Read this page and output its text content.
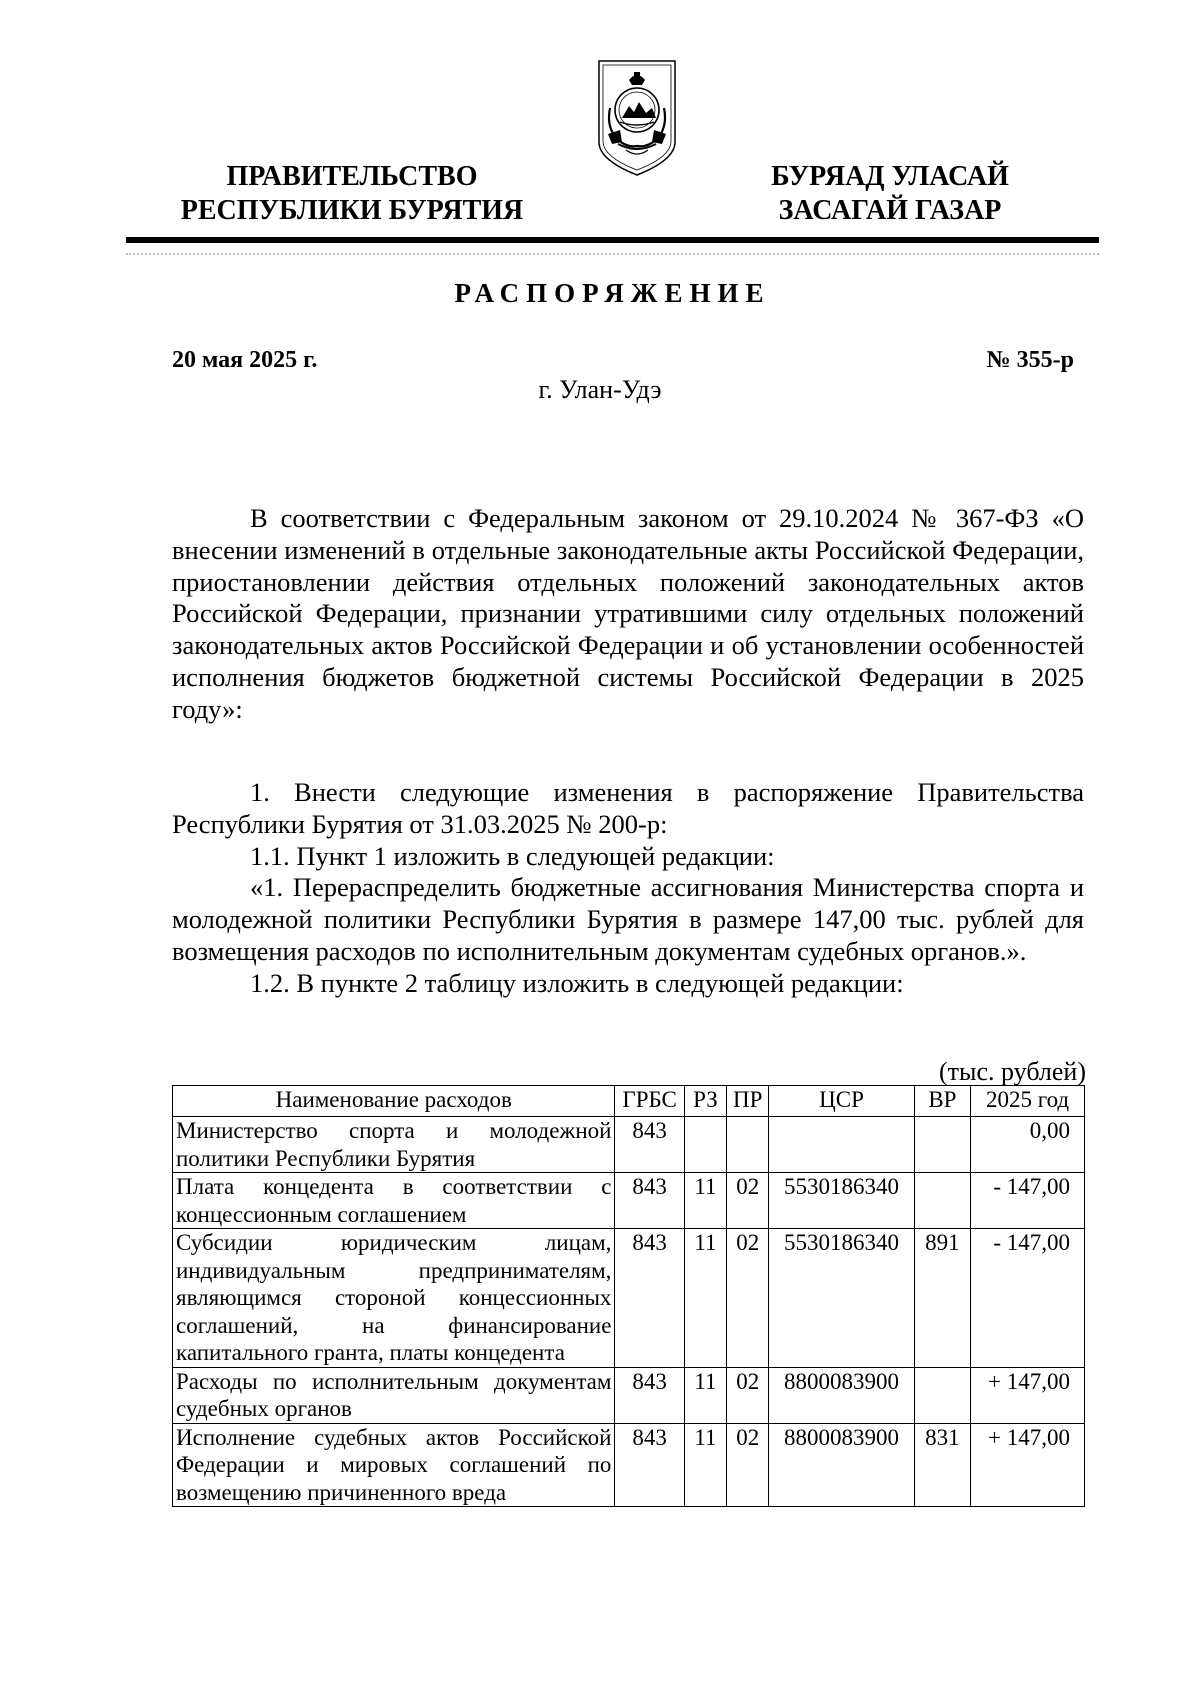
ПРАВИТЕЛЬСТВО
РЕСПУБЛИКИ БУРЯТИЯ
БУРЯАД УЛАСАЙ
ЗАСАГАЙ ГАЗАР
РАСПОРЯЖЕНИЕ
20 мая 2025 г.	№ 355-р
г. Улан-Удэ

В соответствии с Федеральным законом от 29.10.2024 № 367-ФЗ «О внесении изменений в отдельные законодательные акты Российской Федерации, приостановлении действия отдельных положений законодательных актов Российской Федерации, признании утратившими силу отдельных положений законодательных актов Российской Федерации и об установлении особенностей исполнения бюджетов бюджетной системы Российской Федерации в 2025 году»:

1. Внести следующие изменения в распоряжение Правительства Республики Бурятия от 31.03.2025 № 200-р:

1.1. Пункт 1 изложить в следующей редакции:

«1. Перераспределить бюджетные ассигнования Министерства спорта и молодежной политики Республики Бурятия в размере 147,00 тыс. рублей для возмещения расходов по исполнительным документам судебных органов.».

1.2. В пункте 2 таблицу изложить в следующей редакции:

(тыс. рублей)
Наименование расходов	ГРБС	РЗ	ПР	ЦСР	ВР	2025 год
Министерство спорта и молодежной политики Республики Бурятия	843					0,00
Плата концедента в соответствии с концессионным соглашением	843	11	02	5530186340		- 147,00
Субсидии юридическим лицам, индивидуальным предпринимателям, являющимся стороной концессионных соглашений, на финансирование капитального гранта, платы концедента	843	11	02	5530186340	891	- 147,00
Расходы по исполнительным документам судебных органов	843	11	02	8800083900		+ 147,00
Исполнение судебных актов Российской Федерации и мировых соглашений по возмещению причиненного вреда	843	11	02	8800083900	831	+ 147,00
